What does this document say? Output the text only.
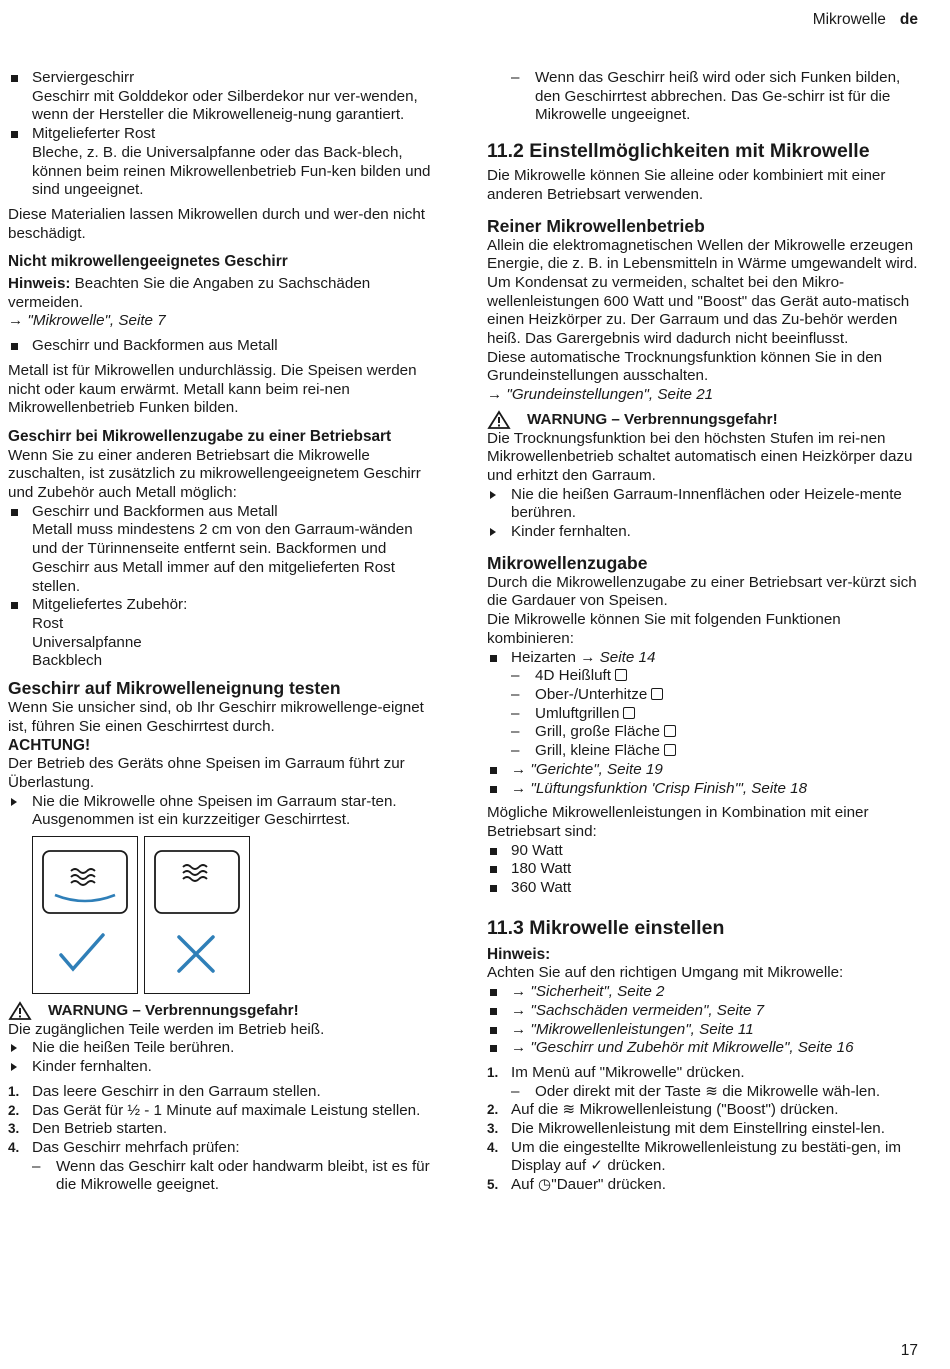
Mikrowelle de

Serviergeschirr

Geschirr mit Golddekor oder Silberdekor nur ver-wenden, wenn der Hersteller die Mikrowelleneig-nung garantiert.

Mitgelieferter Rost

Bleche, z. B. die Universalpfanne oder das Back-blech, können beim reinen Mikrowellenbetrieb Fun-ken bilden und sind ungeeignet.

Diese Materialien lassen Mikrowellen durch und wer-den nicht beschädigt.

Nicht mikrowellengeeignetes Geschirr

Hinweis: Beachten Sie die Angaben zu Sachschäden vermeiden.

→ "Mikrowelle", Seite 7

Geschirr und Backformen aus Metall

Metall ist für Mikrowellen undurchlässig. Die Speisen werden nicht oder kaum erwärmt. Metall kann beim rei-nen Mikrowellenbetrieb Funken bilden.

Geschirr bei Mikrowellenzugabe zu einer Betriebsart

Wenn Sie zu einer anderen Betriebsart die Mikrowelle zuschalten, ist zusätzlich zu mikrowellengeeignetem Geschirr und Zubehör auch Metall möglich:

Geschirr und Backformen aus Metall

Metall muss mindestens 2 cm von den Garraum-wänden und der Türinnenseite entfernt sein. Backformen und Geschirr aus Metall immer auf den mitgelieferten Rost stellen.

Mitgeliefertes Zubehör:

Rost

Universalpfanne

Backblech

Geschirr auf Mikrowelleneignung testen

Wenn Sie unsicher sind, ob Ihr Geschirr mikrowellenge-eignet ist, führen Sie einen Geschirrtest durch.

ACHTUNG!

Der Betrieb des Geräts ohne Speisen im Garraum führt zur Überlastung.

Nie die Mikrowelle ohne Speisen im Garraum star-ten. Ausgenommen ist ein kurzzeitiger Geschirrtest.

WARNUNG – Verbrennungsgefahr!

Die zugänglichen Teile werden im Betrieb heiß.

Nie die heißen Teile berühren.

Kinder fernhalten.

1. Das leere Geschirr in den Garraum stellen.

2. Das Gerät für ½ - 1 Minute auf maximale Leistung stellen.

3. Den Betrieb starten.

4. Das Geschirr mehrfach prüfen:

– Wenn das Geschirr kalt oder handwarm bleibt, ist es für die Mikrowelle geeignet.

– Wenn das Geschirr heiß wird oder sich Funken bilden, den Geschirrtest abbrechen. Das Ge-schirr ist für die Mikrowelle ungeeignet.

11.2 Einstellmöglichkeiten mit Mikrowelle

Die Mikrowelle können Sie alleine oder kombiniert mit einer anderen Betriebsart verwenden.

Reiner Mikrowellenbetrieb

Allein die elektromagnetischen Wellen der Mikrowelle erzeugen Energie, die z. B. in Lebensmitteln in Wärme umgewandelt wird.

Um Kondensat zu vermeiden, schaltet bei den Mikro-wellenleistungen 600 Watt und "Boost" das Gerät auto-matisch einen Heizkörper zu. Der Garraum und das Zu-behör werden heiß. Das Garergebnis wird dadurch nicht beeinflusst.

Diese automatische Trocknungsfunktion können Sie in den Grundeinstellungen ausschalten.

→ "Grundeinstellungen", Seite 21

WARNUNG – Verbrennungsgefahr!

Die Trocknungsfunktion bei den höchsten Stufen im rei-nen Mikrowellenbetrieb schaltet automatisch einen Heizkörper dazu und erhitzt den Garraum.

Nie die heißen Garraum-Innenflächen oder Heizele-mente berühren.

Kinder fernhalten.

Mikrowellenzugabe

Durch die Mikrowellenzugabe zu einer Betriebsart ver-kürzt sich die Gardauer von Speisen.

Die Mikrowelle können Sie mit folgenden Funktionen kombinieren:

Heizarten → Seite 14

– 4D Heißluft
– Ober-/Unterhitze
– Umluftgrillen
– Grill, große Fläche
– Grill, kleine Fläche

→ "Gerichte", Seite 19

→ "Lüftungsfunktion 'Crisp Finish'", Seite 18

Mögliche Mikrowellenleistungen in Kombination mit einer Betriebsart sind:

90 Watt

180 Watt

360 Watt

11.3 Mikrowelle einstellen

Hinweis:

Achten Sie auf den richtigen Umgang mit Mikrowelle:

→ "Sicherheit", Seite 2

→ "Sachschäden vermeiden", Seite 7

→ "Mikrowellenleistungen", Seite 11

→ "Geschirr und Zubehör mit Mikrowelle", Seite 16

1. Im Menü auf "Mikrowelle" drücken.

– Oder direkt mit der Taste ≋ die Mikrowelle wäh-len.

2. Auf die ≋ Mikrowellenleistung ("Boost") drücken.

3. Die Mikrowellenleistung mit dem Einstellring einstel-len.

4. Um die eingestellte Mikrowellenleistung zu bestäti-gen, im Display auf ✓ drücken.

5. Auf ◷"Dauer" drücken.

17
